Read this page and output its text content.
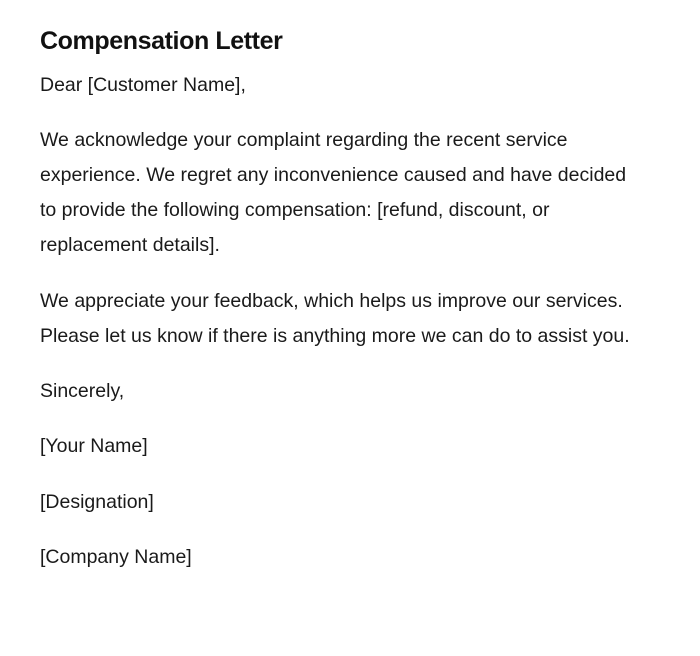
Compensation Letter

Dear [Customer Name],

We acknowledge your complaint regarding the recent service experience. We regret any inconvenience caused and have decided to provide the following compensation: [refund, discount, or replacement details].

We appreciate your feedback, which helps us improve our services. Please let us know if there is anything more we can do to assist you.

Sincerely,

[Your Name]

[Designation]

[Company Name]
